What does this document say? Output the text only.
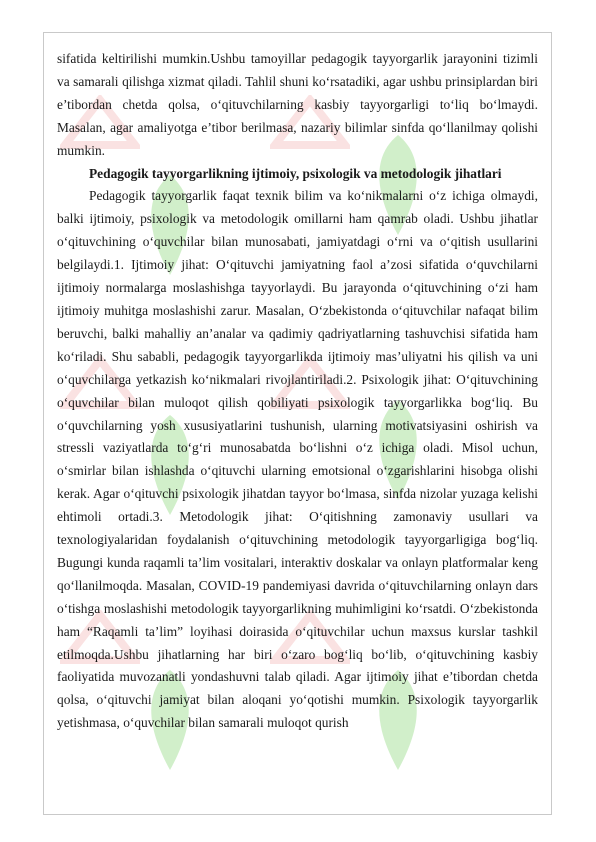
sifatida keltirilishi mumkin.Ushbu tamoyillar pedagogik tayyorgarlik jarayonini tizimli va samarali qilishga xizmat qiladi. Tahlil shuni ko‘rsatadiki, agar ushbu prinsiplardan biri e’tibordan chetda qolsa, o‘qituvchilarning kasbiy tayyorgarligi to‘liq bo‘lmaydi. Masalan, agar amaliyotga e’tibor berilmasa, nazariy bilimlar sinfda qo‘llanilmay qolishi mumkin.

Pedagogik tayyorgarlikning ijtimoiy, psixologik va metodologik jihatlari

Pedagogik tayyorgarlik faqat texnik bilim va ko‘nikmalarni o‘z ichiga olmaydi, balki ijtimoiy, psixologik va metodologik omillarni ham qamrab oladi. Ushbu jihatlar o‘qituvchining o‘quvchilar bilan munosabati, jamiyatdagi o‘rni va o‘qitish usullarini belgilaydi.1. Ijtimoiy jihat: O‘qituvchi jamiyatning faol a’zosi sifatida o‘quvchilarni ijtimoiy normalarga moslashishga tayyorlaydi. Bu jarayonda o‘qituvchining o‘zi ham ijtimoiy muhitga moslashishi zarur. Masalan, O‘zbekistonda o‘qituvchilar nafaqat bilim beruvchi, balki mahalliy an’analar va qadimiy qadriyatlarning tashuvchisi sifatida ham ko‘riladi. Shu sababli, pedagogik tayyorgarlikda ijtimoiy mas’uliyatni his qilish va uni o‘quvchilarga yetkazish ko‘nikmalari rivojlantiriladi.2. Psixologik jihat: O‘qituvchining o‘quvchilar bilan muloqot qilish qobiliyati psixologik tayyorgarlikka bog‘liq. Bu o‘quvchilarning yosh xususiyatlarini tushunish, ularning motivatsiyasini oshirish va stressli vaziyatlarda to‘g‘ri munosabatda bo‘lishni o‘z ichiga oladi. Misol uchun, o‘smirlar bilan ishlashda o‘qituvchi ularning emotsional o‘zgarishlarini hisobga olishi kerak. Agar o‘qituvchi psixologik jihatdan tayyor bo‘lmasa, sinfda nizolar yuzaga kelishi ehtimoli ortadi.3. Metodologik jihat: O‘qitishning zamonaviy usullari va texnologiyalaridan foydalanish o‘qituvchining metodologik tayyorgarligiga bog‘liq. Bugungi kunda raqamli ta’lim vositalari, interaktiv doskalar va onlayn platformalar keng qo‘llanilmoqda. Masalan, COVID-19 pandemiyasi davrida o‘qituvchilarning onlayn dars o‘tishga moslashishi metodologik tayyorgarlikning muhimligini ko‘rsatdi. O‘zbekistonda ham “Raqamli ta’lim” loyihasi doirasida o‘qituvchilar uchun maxsus kurslar tashkil etilmoqda.Ushbu jihatlarning har biri o‘zaro bog‘liq bo‘lib, o‘qituvchining kasbiy faoliyatida muvozanatli yondashuvni talab qiladi. Agar ijtimoiy jihat e’tibordan chetda qolsa, o‘qituvchi jamiyat bilan aloqani yo‘qotishi mumkin. Psixologik tayyorgarlik yetishmasa, o‘quvchilar bilan samarali muloqot qurish
